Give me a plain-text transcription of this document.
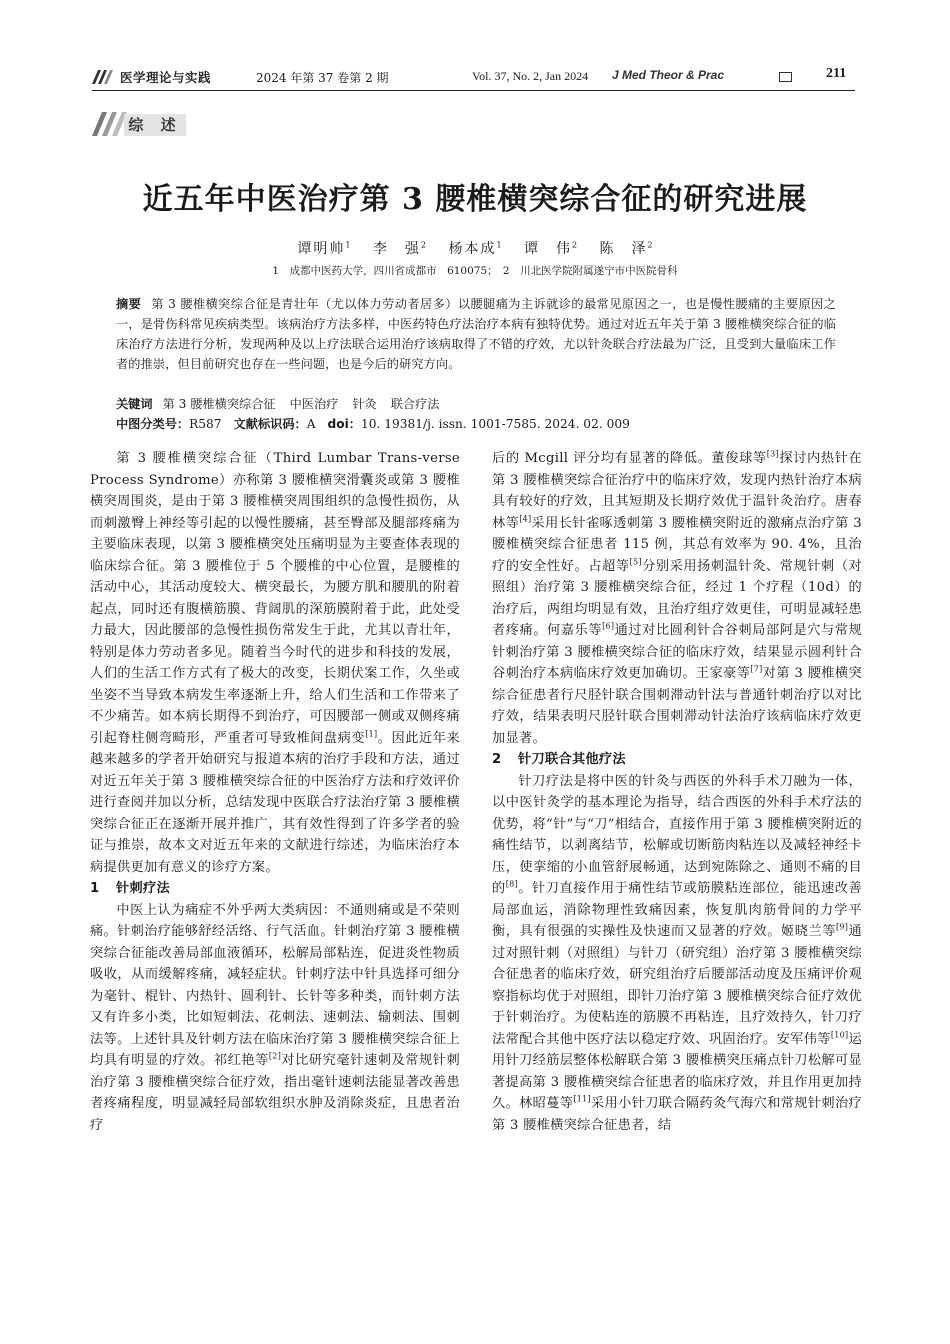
医学理论与实践	2024 年第 37 卷第 2 期	Vol. 37, No. 2, Jan 2024 J Med Theor & Prac	211
综 述
近五年中医治疗第 3 腰椎横突综合征的研究进展
谭明帅$^1$　 李　强$^2$　 杨本成$^1$　 谭　伟$^2$　 陈　泽$^2$
1　成都中医药大学，四川省成都市　610075；　2　川北医学院附属遂宁市中医院骨科
摘要 第 3 腰椎横突综合征是青壮年（尤以体力劳动者居多）以腰腿痛为主诉就诊的最常见原因之一，也是慢性腰痛的主要原因之一，是骨伤科常见疾病类型。该病治疗方法多样，中医药特色疗法治疗本病有独特优势。通过对近五年关于第 3 腰椎横突综合征的临床治疗方法进行分析，发现两种及以上疗法联合运用治疗该病取得了不错的疗效，尤以针灸联合疗法最为广泛，且受到大量临床工作者的推崇，但目前研究也存在一些问题，也是今后的研究方向。
关键词 第 3 腰椎横突综合征 中医治疗 针灸 联合疗法
中图分类号：R587 文献标识码：A doi：10. 19381/j. issn. 1001-7585. 2024. 02. 009

第 3 腰椎横突综合征（Third Lumbar Trans-verse Process Syndrome）亦称第 3 腰椎横突滑囊炎或第 3 腰椎横突周围炎，是由于第 3 腰椎横突周围组织的急慢性损伤，从而刺激臀上神经等引起的以慢性腰痛，甚至臀部及腿部疼痛为主要临床表现，以第 3 腰椎横突处压痛明显为主要查体表现的临床综合征。第 3 腰椎位于 5 个腰椎的中心位置，是腰椎的活动中心，其活动度较大、横突最长，为腰方肌和腰肌的附着起点，同时还有腹横筋膜、背阔肌的深筋膜附着于此，此处受力最大，因此腰部的急慢性损伤常发生于此，尤其以青壮年，特别是体力劳动者多见。随着当今时代的进步和科技的发展，人们的生活工作方式有了极大的改变，长期伏案工作，久坐或坐姿不当导致本病发生率逐渐上升，给人们生活和工作带来了不少痛苦。如本病长期得不到治疗，可因腰部一侧或双侧疼痛引起脊柱侧弯畸形，严重者可导致椎间盘病变[1]。因此近年来越来越多的学者开始研究与报道本病的治疗手段和方法，通过对近五年关于第 3 腰椎横突综合征的中医治疗方法和疗效评价进行查阅并加以分析，总结发现中医联合疗法治疗第 3 腰椎横突综合征正在逐渐开展并推广，其有效性得到了许多学者的验证与推崇，故本文对近五年来的文献进行综述，为临床治疗本病提供更加有意义的诊疗方案。

1 针刺疗法

中医上认为痛症不外乎两大类病因：不通则痛或是不荣则痛。针刺治疗能够舒经活络、行气活血。针刺治疗第 3 腰椎横突综合征能改善局部血液循环，松解局部粘连，促进炎性物质吸收，从而缓解疼痛，减轻症状。针刺疗法中针具选择可细分为毫针、棍针、内热针、圆利针、长针等多种类，而针刺方法又有许多小类，比如短刺法、花刺法、速刺法、输刺法、围刺法等。上述针具及针刺方法在临床治疗第 3 腰椎横突综合征上均具有明显的疗效。祁红艳等[2]对比研究毫针速刺及常规针刺治疗第 3 腰椎横突综合征疗效，指出毫针速刺法能显著改善患者疼痛程度，明显减轻局部软组织水肿及消除炎症，且患者治疗

后的 Mcgill 评分均有显著的降低。董俊球等[3]探讨内热针在第 3 腰椎横突综合征治疗中的临床疗效，发现内热针治疗本病具有较好的疗效，且其短期及长期疗效优于温针灸治疗。唐春林等[4]采用长针雀啄透刺第 3 腰椎横突附近的激痛点治疗第 3 腰椎横突综合征患者 115 例，其总有效率为 90. 4%，且治疗的安全性好。占超等[5]分别采用扬刺温针灸、常规针刺（对照组）治疗第 3 腰椎横突综合征，经过 1 个疗程（10d）的治疗后，两组均明显有效，且治疗组疗效更佳，可明显减轻患者疼痛。何嘉乐等[6]通过对比圆利针合谷刺局部阿是穴与常规针刺治疗第 3 腰椎横突综合征的临床疗效，结果显示圆利针合谷刺治疗本病临床疗效更加确切。王家豪等[7]对第 3 腰椎横突综合征患者行尺胫针联合围刺滞动针法与普通针刺治疗以对比疗效，结果表明尺胫针联合围刺滞动针法治疗该病临床疗效更加显著。

2 针刀联合其他疗法

针刀疗法是将中医的针灸与西医的外科手术刀融为一体，以中医针灸学的基本理论为指导，结合西医的外科手术疗法的优势，将“针”与“刀”相结合，直接作用于第 3 腰椎横突附近的痛性结节，以剥离结节，松解或切断筋肉粘连以及减轻神经卡压，使挛缩的小血管舒展畅通，达到宛陈除之、通则不痛的目的[8]。针刀直接作用于痛性结节或筋膜粘连部位，能迅速改善局部血运，消除物理性致痛因素，恢复肌肉筋骨间的力学平衡，具有很强的实操性及快速而又显著的疗效。姬晓兰等[9]通过对照针刺（对照组）与针刀（研究组）治疗第 3 腰椎横突综合征患者的临床疗效，研究组治疗后腰部活动度及压痛评价观察指标均优于对照组，即针刀治疗第 3 腰椎横突综合征疗效优于针刺治疗。为使粘连的筋膜不再粘连，且疗效持久，针刀疗法常配合其他中医疗法以稳定疗效、巩固治疗。安军伟等[10]运用针刀经筋层整体松解联合第 3 腰椎横突压痛点针刀松解可显著提高第 3 腰椎横突综合征患者的临床疗效，并且作用更加持久。林昭蔓等[11]采用小针刀联合隔药灸气海穴和常规针刺治疗第 3 腰椎横突综合征患者，结
